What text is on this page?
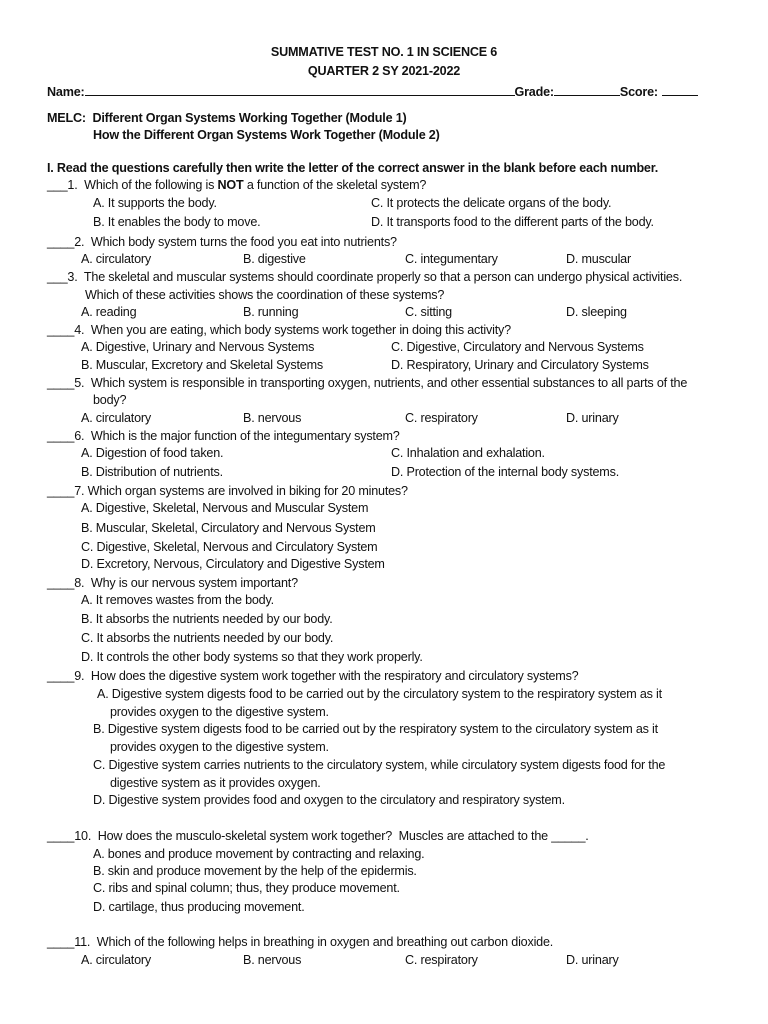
SUMMATIVE TEST NO. 1 IN SCIENCE 6
QUARTER 2 SY 2021-2022
Name:	Grade:	Score:
MELC: Different Organ Systems Working Together (Module 1)
How the Different Organ Systems Work Together (Module 2)
I. Read the questions carefully then write the letter of the correct answer in the blank before each number.
___1.  Which of the following is NOT a function of the skeletal system?
A. It supports the body.	C. It protects the delicate organs of the body.
B. It enables the body to move.	D. It transports food to the different parts of the body.
____2.  Which body system turns the food you eat into nutrients?
A. circulatory	B. digestive	C. integumentary	D. muscular
___3.  The skeletal and muscular systems should coordinate properly so that a person can undergo physical activities.
Which of these activities shows the coordination of these systems?
A. reading	B. running	C. sitting	D. sleeping
____4.  When you are eating, which body systems work together in doing this activity?
A. Digestive, Urinary and Nervous Systems	C. Digestive, Circulatory and Nervous Systems
B. Muscular, Excretory and Skeletal Systems	D. Respiratory, Urinary and Circulatory Systems
____5.  Which system is responsible in transporting oxygen, nutrients, and other essential substances to all parts of the
body?
A. circulatory	B. nervous	C. respiratory	D. urinary
____6.  Which is the major function of the integumentary system?
A. Digestion of food taken.	C. Inhalation and exhalation.
B. Distribution of nutrients.	D. Protection of the internal body systems.
____7. Which organ systems are involved in biking for 20 minutes?
A. Digestive, Skeletal, Nervous and Muscular System
B. Muscular, Skeletal, Circulatory and Nervous System
C. Digestive, Skeletal, Nervous and Circulatory System
D. Excretory, Nervous, Circulatory and Digestive System
____8.  Why is our nervous system important?
A. It removes wastes from the body.
B. It absorbs the nutrients needed by our body.
C. It absorbs the nutrients needed by our body.
D. It controls the other body systems so that they work properly.
____9.  How does the digestive system work together with the respiratory and circulatory systems?
A. Digestive system digests food to be carried out by the circulatory system to the respiratory system as it
provides oxygen to the digestive system.
B. Digestive system digests food to be carried out by the respiratory system to the circulatory system as it
provides oxygen to the digestive system.
C. Digestive system carries nutrients to the circulatory system, while circulatory system digests food for the
digestive system as it provides oxygen.
D. Digestive system provides food and oxygen to the circulatory and respiratory system.
____10.  How does the musculo-skeletal system work together?  Muscles are attached to the _____.
A. bones and produce movement by contracting and relaxing.
B. skin and produce movement by the help of the epidermis.
C. ribs and spinal column; thus, they produce movement.
D. cartilage, thus producing movement.
____11.  Which of the following helps in breathing in oxygen and breathing out carbon dioxide.
A. circulatory	B. nervous	C. respiratory	D. urinary
